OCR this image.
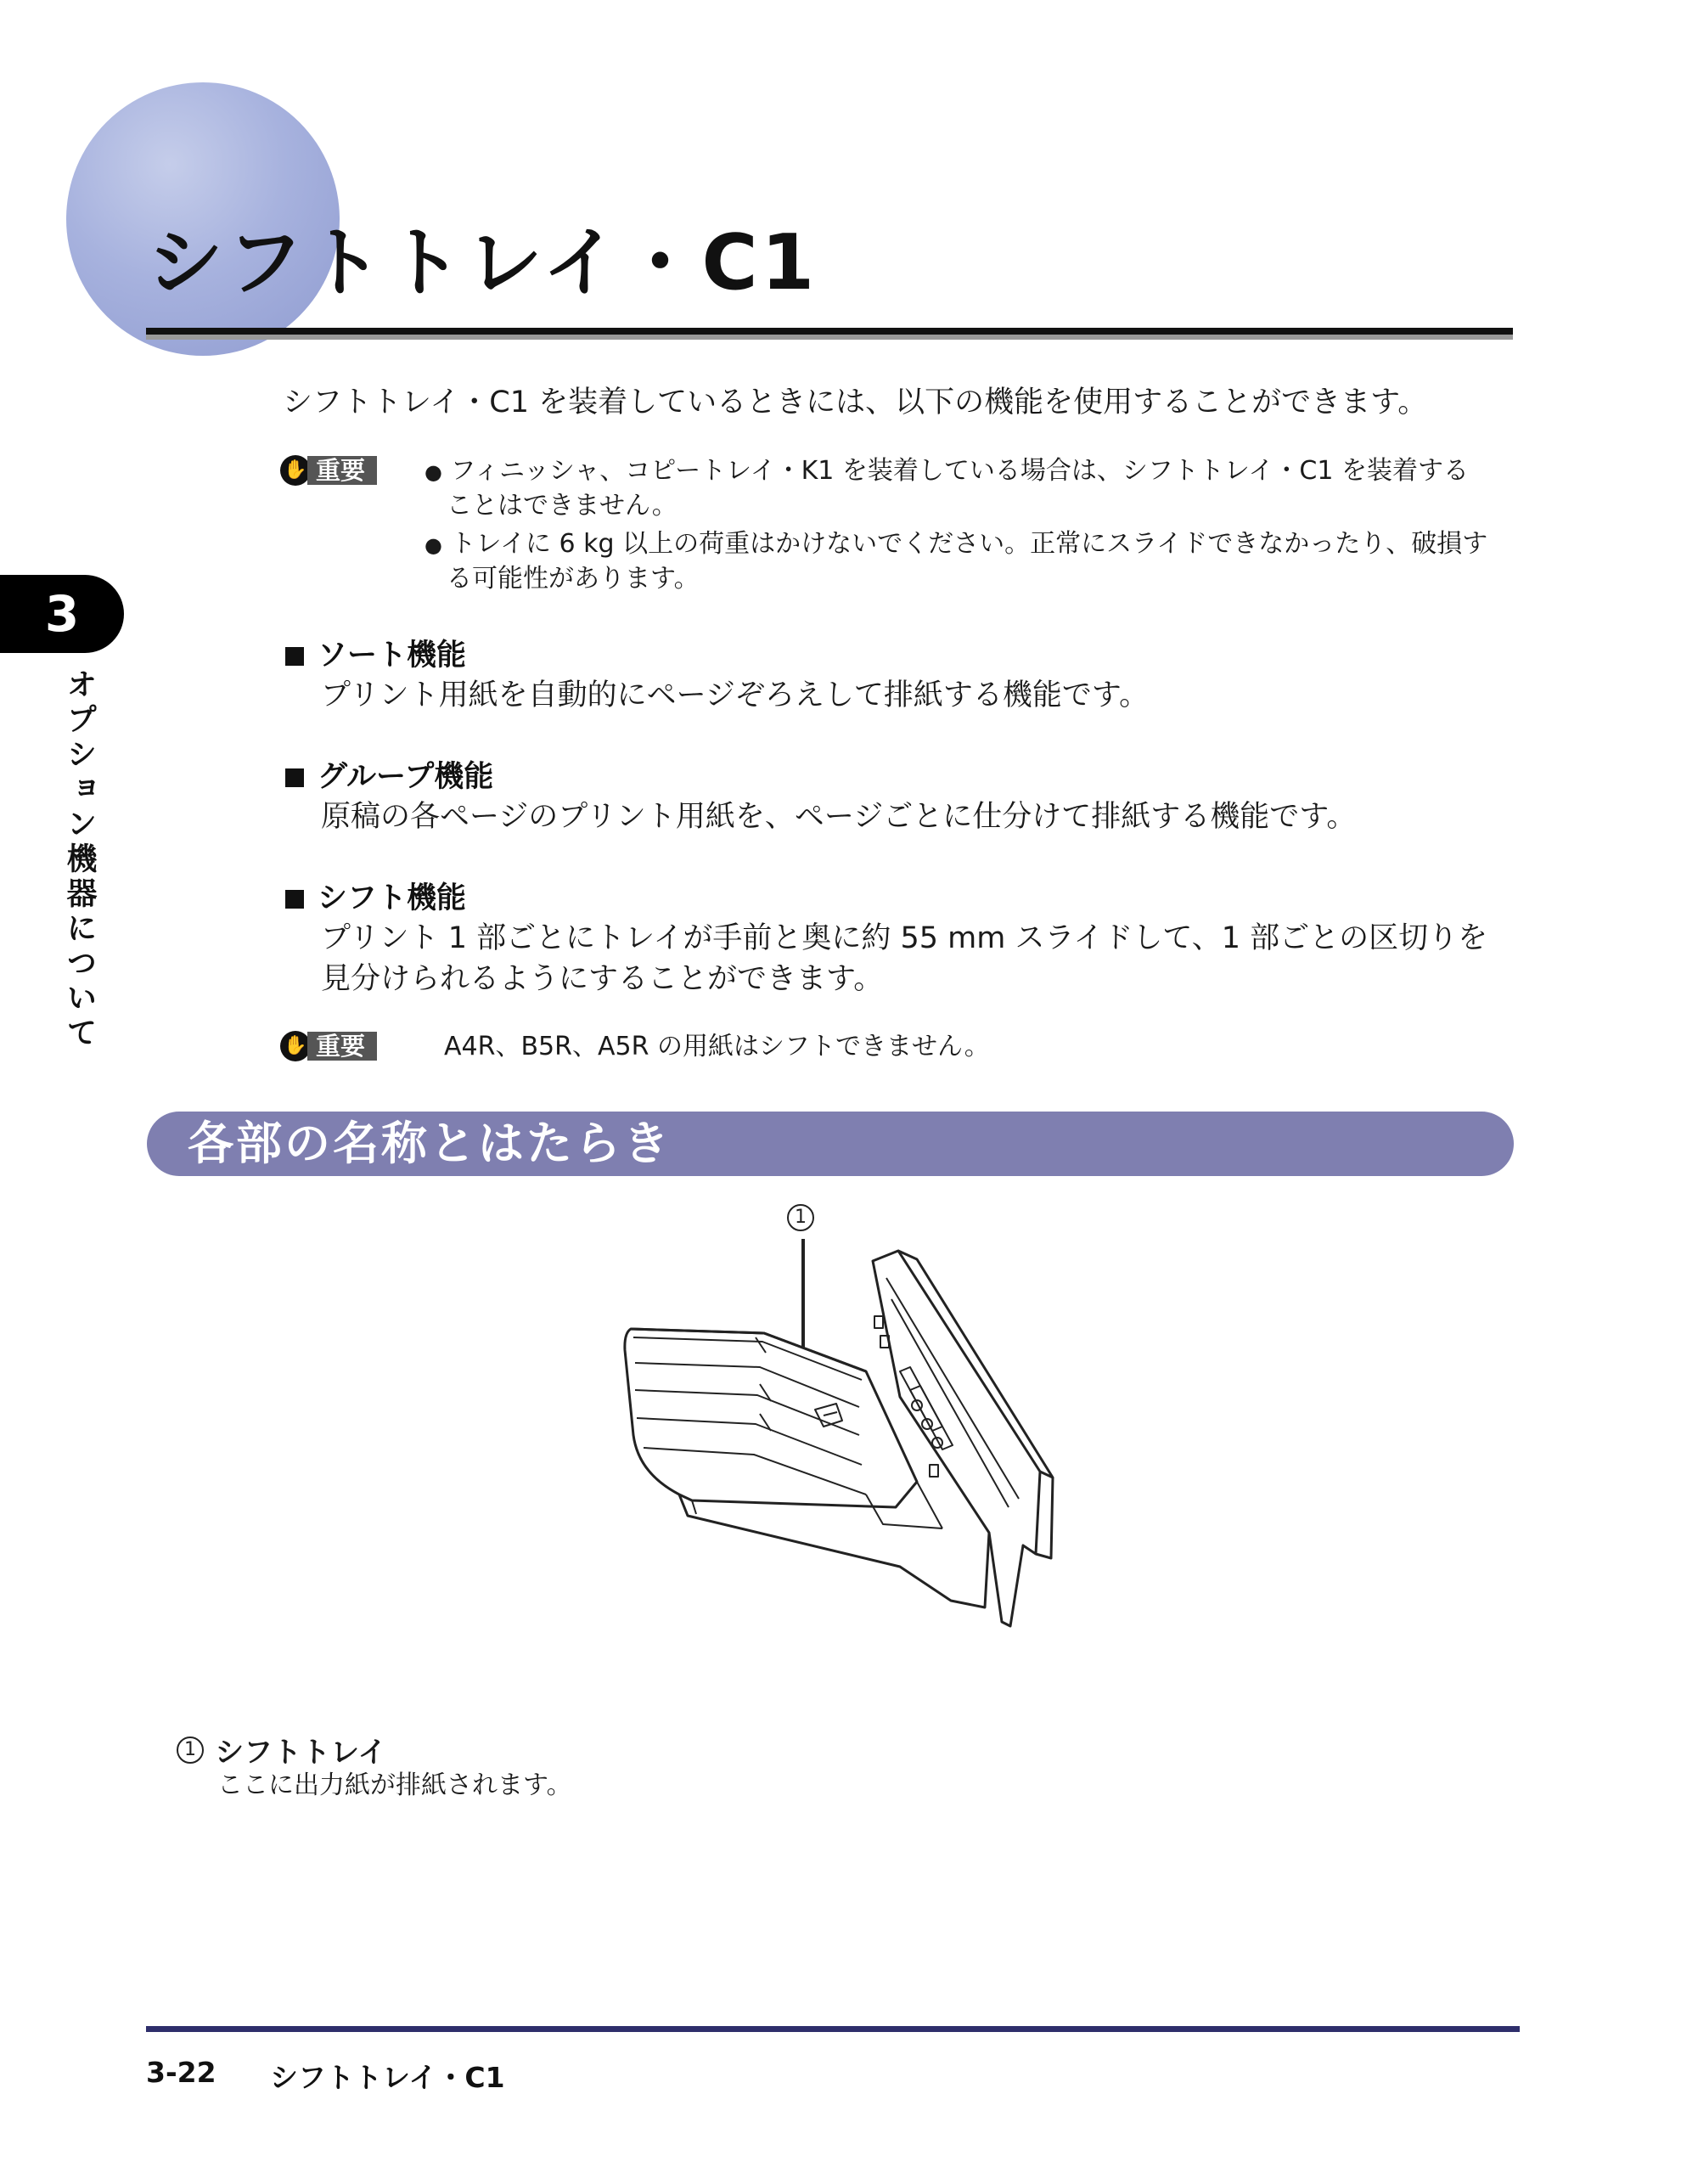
シフトトレイ・C1
3
オプション機器について
シフトトレイ・C1 を装着しているときには、以下の機能を使用することができます。
✋ 重要	● フィニッシャ、コピートレイ・K1 を装着している場合は、シフトトレイ・C1 を装着する
ことはできません。
● トレイに 6 kg 以上の荷重はかけないでください。正常にスライドできなかったり、破損す
る可能性があります。
ソート機能
プリント用紙を自動的にページぞろえして排紙する機能です。
グループ機能
原稿の各ページのプリント用紙を、ページごとに仕分けて排紙する機能です。
シフト機能
プリント 1 部ごとにトレイが手前と奥に約 55 mm スライドして、1 部ごとの区切りを
見分けられるようにすることができます。
✋ 重要	A4R、B5R、A5R の用紙はシフトできません。
各部の名称とはたらき
1
1 シフトトレイ
ここに出力紙が排紙されます。
3-22 シフトトレイ・C1
